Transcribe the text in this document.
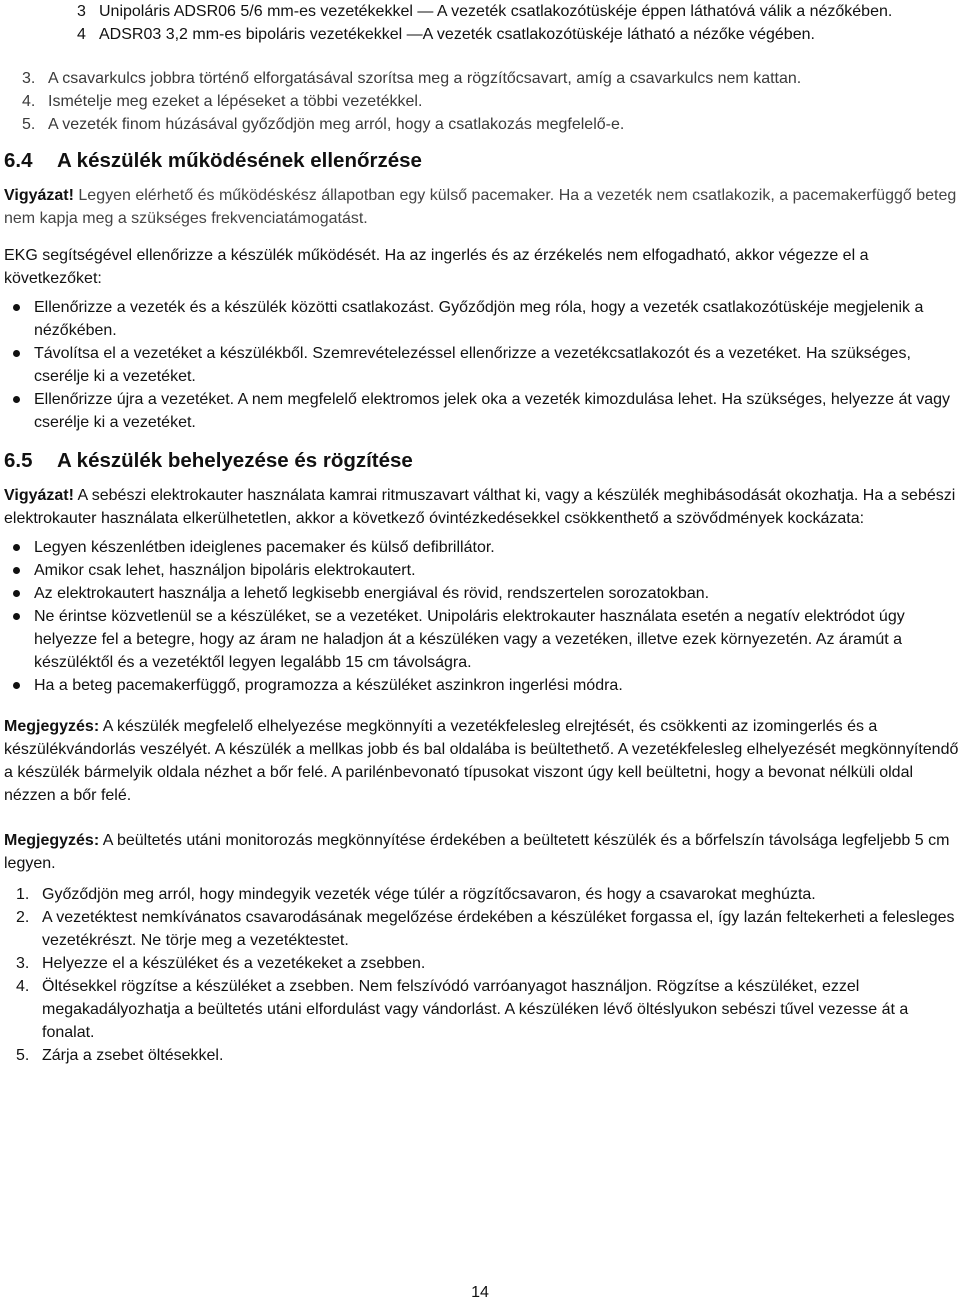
3 Unipoláris ADSR06 5/6 mm-es vezetékekkel — A vezeték csatlakozótüskéje éppen láthatóvá válik a nézőkében.
4 ADSR03 3,2 mm-es bipoláris vezetékekkel —A vezeték csatlakozótüskéje látható a nézőke végében.
3. A csavarkulcs jobbra történő elforgatásával szorítsa meg a rögzítőcsavart, amíg a csavarkulcs nem kattan.
4. Ismételje meg ezeket a lépéseket a többi vezetékkel.
5. A vezeték finom húzásával győződjön meg arról, hogy a csatlakozás megfelelő-e.
6.4 A készülék működésének ellenőrzése

Vigyázat! Legyen elérhető és működéskész állapotban egy külső pacemaker. Ha a vezeték nem csatlakozik, a pacemakerfüggő beteg nem kapja meg a szükséges frekvenciatámogatást.

EKG segítségével ellenőrizze a készülék működését. Ha az ingerlés és az érzékelés nem elfogadható, akkor végezze el a következőket:

Ellenőrizze a vezeték és a készülék közötti csatlakozást. Győződjön meg róla, hogy a vezeték csatlakozótüskéje megjelenik a nézőkében.
Távolítsa el a vezetéket a készülékből. Szemrevételezéssel ellenőrizze a vezetékcsatlakozót és a vezetéket. Ha szükséges, cserélje ki a vezetéket.
Ellenőrizze újra a vezetéket. A nem megfelelő elektromos jelek oka a vezeték kimozdulása lehet. Ha szükséges, helyezze át vagy cserélje ki a vezetéket.
6.5 A készülék behelyezése és rögzítése

Vigyázat! A sebészi elektrokauter használata kamrai ritmuszavart válthat ki, vagy a készülék meghibásodását okozhatja. Ha a sebészi elektrokauter használata elkerülhetetlen, akkor a következő óvintézkedésekkel csökkenthető a szövődmények kockázata:

Legyen készenlétben ideiglenes pacemaker és külső defibrillátor.
Amikor csak lehet, használjon bipoláris elektrokautert.
Az elektrokautert használja a lehető legkisebb energiával és rövid, rendszertelen sorozatokban.
Ne érintse közvetlenül se a készüléket, se a vezetéket. Unipoláris elektrokauter használata esetén a negatív elektródot úgy helyezze fel a betegre, hogy az áram ne haladjon át a készüléken vagy a vezetéken, illetve ezek környezetén. Az áramút a készüléktől és a vezetéktől legyen legalább 15 cm távolságra.
Ha a beteg pacemakerfüggő, programozza a készüléket aszinkron ingerlési módra.

Megjegyzés: A készülék megfelelő elhelyezése megkönnyíti a vezetékfelesleg elrejtését, és csökkenti az izomingerlés és a készülékvándorlás veszélyét. A készülék a mellkas jobb és bal oldalába is beültethető. A vezetékfelesleg elhelyezését megkönnyítendő a készülék bármelyik oldala nézhet a bőr felé. A parilénbevonató típusokat viszont úgy kell beültetni, hogy a bevonat nélküli oldal nézzen a bőr felé.

Megjegyzés: A beültetés utáni monitorozás megkönnyítése érdekében a beültetett készülék és a bőrfelszín távolsága legfeljebb 5 cm legyen.

1. Győződjön meg arról, hogy mindegyik vezeték vége túlér a rögzítőcsavaron, és hogy a csavarokat meghúzta.
2. A vezetéktest nemkívánatos csavarodásának megelőzése érdekében a készüléket forgassa el, így lazán feltekerheti a felesleges vezetékrészt. Ne törje meg a vezetéktestet.
3. Helyezze el a készüléket és a vezetékeket a zsebben.
4. Öltésekkel rögzítse a készüléket a zsebben. Nem felszívódó varróanyagot használjon. Rögzítse a készüléket, ezzel megakadályozhatja a beültetés utáni elfordulást vagy vándorlást. A készüléken lévő öltéslyukon sebészi tűvel vezesse át a fonalat.
5. Zárja a zsebet öltésekkel.
14
